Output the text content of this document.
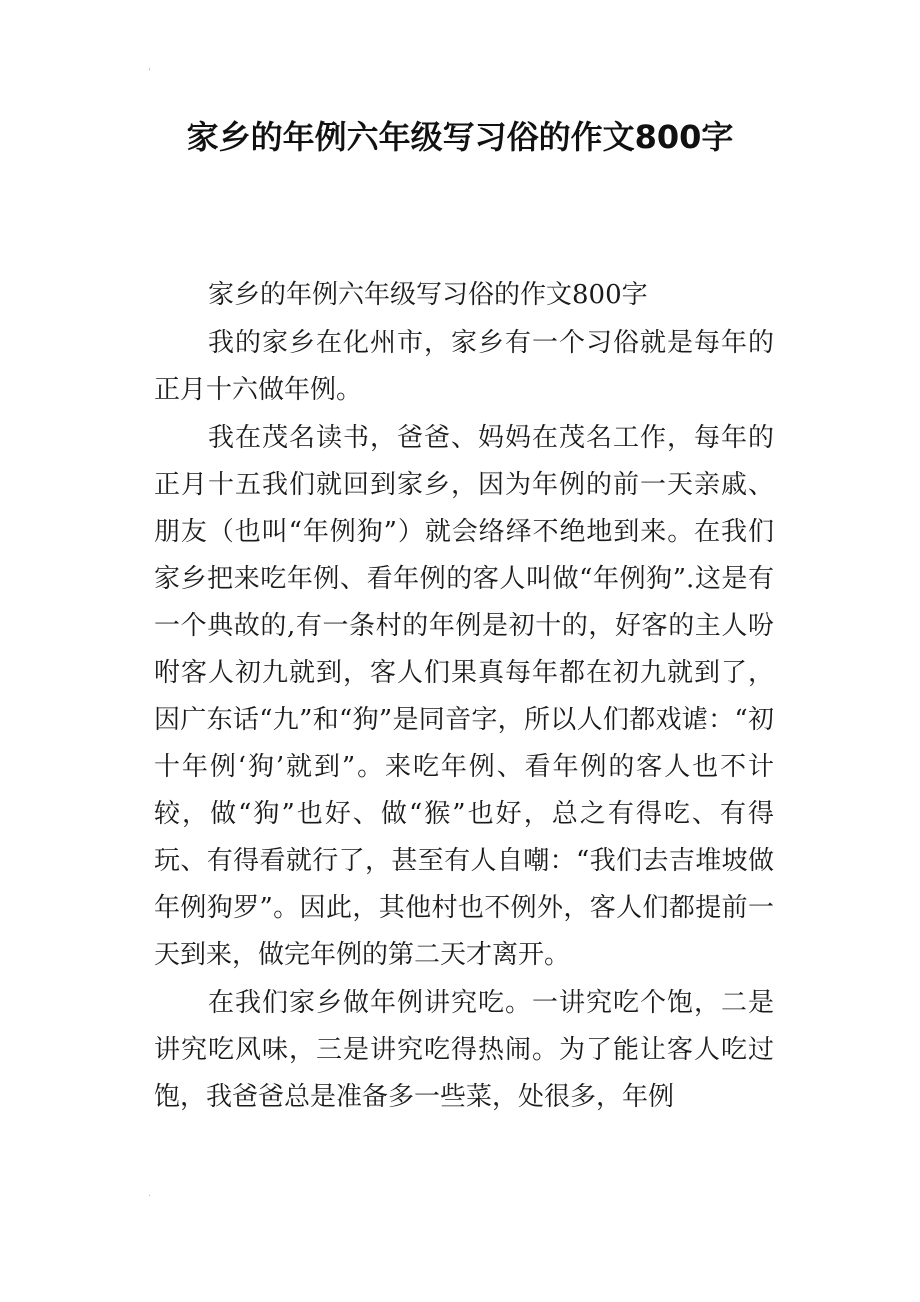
'
家乡的年例六年级写习俗的作文800字

家乡的年例六年级写习俗的作文800字

我的家乡在化州市，家乡有一个习俗就是每年的正月十六做年例。

我在茂名读书，爸爸、妈妈在茂名工作，每年的正月十五我们就回到家乡，因为年例的前一天亲戚、朋友（也叫“年例狗”）就会络绎不绝地到来。在我们家乡把来吃年例、看年例的客人叫做“年例狗”.这是有一个典故的,有一条村的年例是初十的，好客的主人吩咐客人初九就到，客人们果真每年都在初九就到了，因广东话“九”和“狗”是同音字，所以人们都戏谑：“初十年例‘狗’就到”。来吃年例、看年例的客人也不计较，做“狗”也好、做“猴”也好，总之有得吃、有得玩、有得看就行了，甚至有人自嘲：“我们去吉堆坡做年例狗罗”。因此，其他村也不例外，客人们都提前一天到来，做完年例的第二天才离开。

在我们家乡做年例讲究吃。一讲究吃个饱，二是讲究吃风味，三是讲究吃得热闹。为了能让客人吃过饱，我爸爸总是准备多一些菜，处很多，年例

·
